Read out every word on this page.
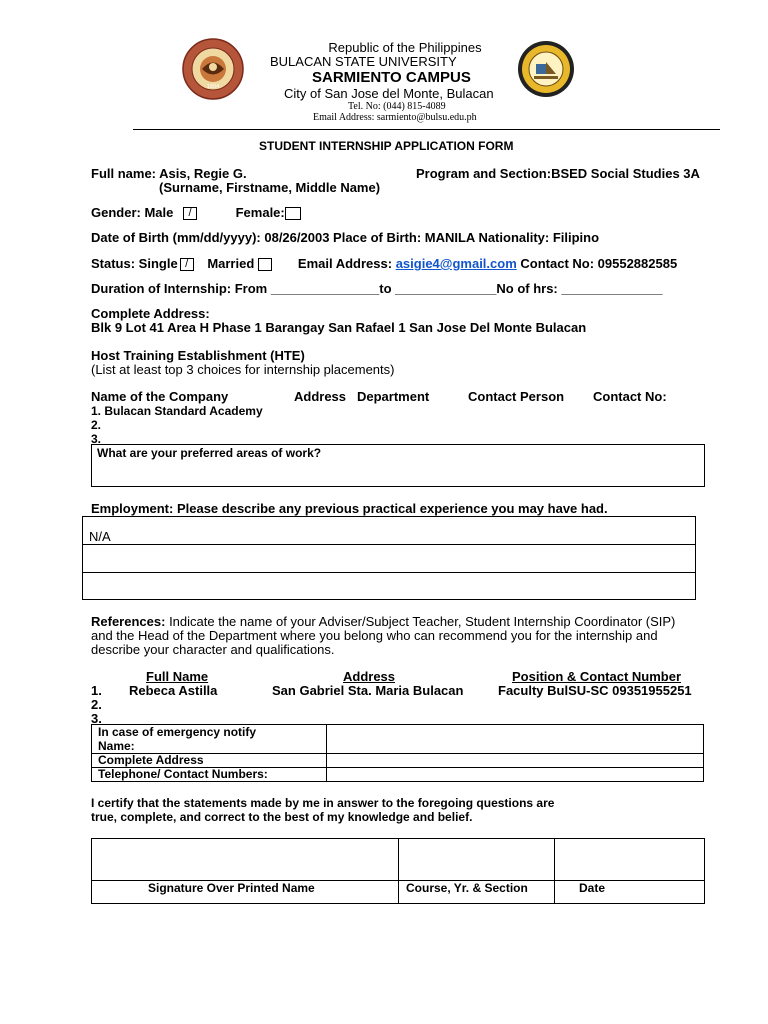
1904
Republic of the Philippines
BULACAN STATE UNIVERSITY
SARMIENTO CAMPUS
City of San Jose del Monte, Bulacan
Tel. No: (044) 815-4089
Email Address: sarmiento@bulsu.edu.ph
STUDENT INTERNSHIP APPLICATION FORM
Full name: Asis, Regie G.
(Surname, Firstname, Middle Name)
Program and Section:BSED Social Studies 3A
Gender: Male /	Female:
Date of Birth (mm/dd/yyyy): 08/26/2003 Place of Birth: MANILA Nationality: Filipino
Status: Single / Married	Email Address: asigie4@gmail.com Contact No: 09552882585
Duration of Internship: From _______________to ______________No of hrs: ______________
Complete Address:
Blk 9 Lot 41 Area H Phase 1 Barangay San Rafael 1 San Jose Del Monte Bulacan
Host Training Establishment (HTE)
(List at least top 3 choices for internship placements)
Name of the Company	Address Department	Contact Person Contact No:
1. Bulacan Standard Academy
2.
3.
What are your preferred areas of work?
Employment: Please describe any previous practical experience you may have had.
N/A
References: Indicate the name of your Adviser/Subject Teacher, Student Internship Coordinator (SIP)
and the Head of the Department where you belong who can recommend you for the internship and
describe your character and qualifications.
Full Name	Address	Position & Contact Number
1. Rebeca Astilla	San Gabriel Sta. Maria Bulacan	Faculty BulSU-SC 09351955251
2.
3.
In case of emergency notify
Name:	

Complete Address	
Telephone/ Contact Numbers:	
I certify that the statements made by me in answer to the foregoing questions are
true, complete, and correct to the best of my knowledge and belief.
Signature Over Printed Name	Course, Yr. & Section	Date
